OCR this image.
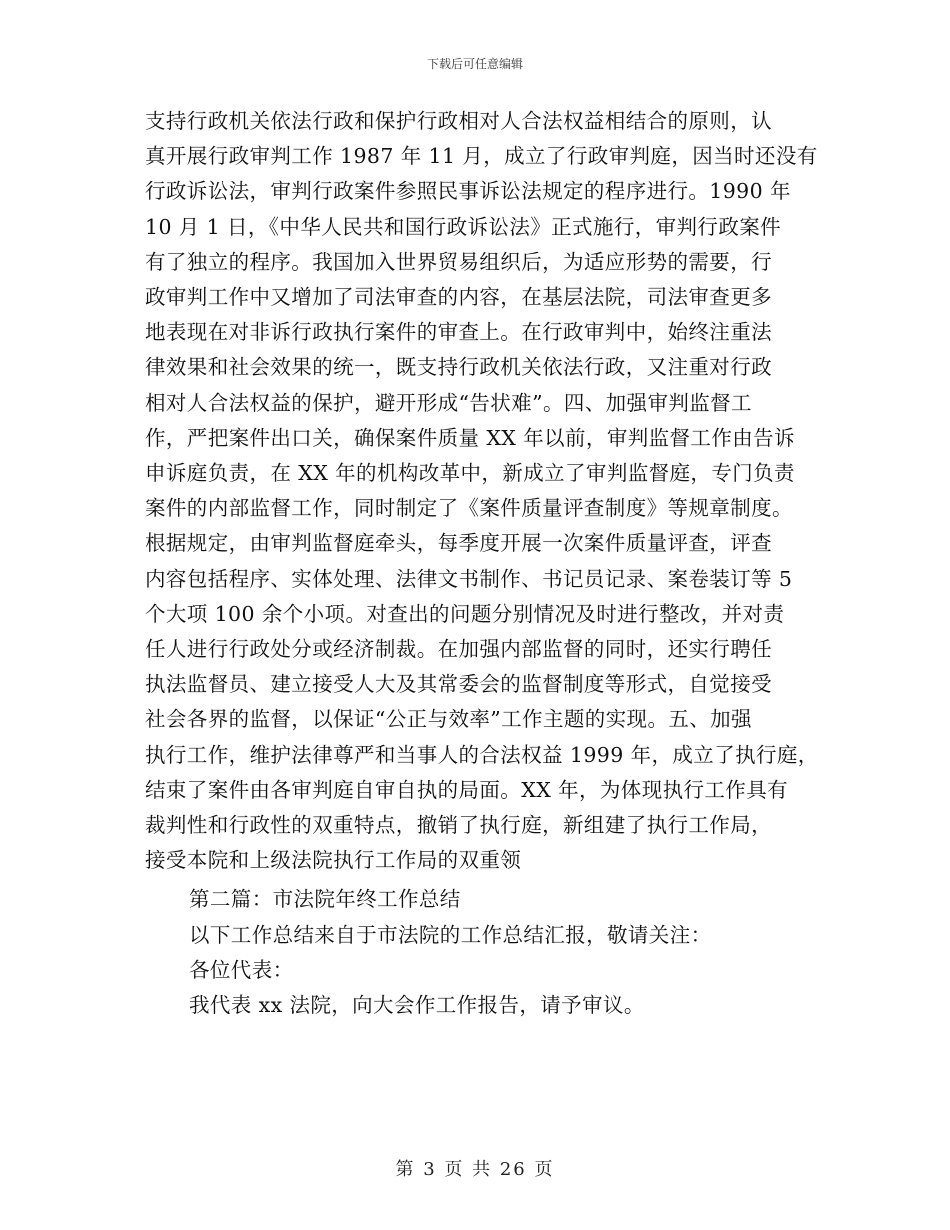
下载后可任意编辑

支持行政机关依法行政和保护行政相对人合法权益相结合的原则，认
真开展行政审判工作 1987 年 11 月，成立了行政审判庭，因当时还没有
行政诉讼法，审判行政案件参照民事诉讼法规定的程序进行。1990 年
10 月 1 日，《中华人民共和国行政诉讼法》正式施行，审判行政案件
有了独立的程序。我国加入世界贸易组织后，为适应形势的需要，行
政审判工作中又增加了司法审查的内容，在基层法院，司法审查更多
地表现在对非诉行政执行案件的审查上。在行政审判中，始终注重法
律效果和社会效果的统一，既支持行政机关依法行政，又注重对行政
相对人合法权益的保护，避开形成“告状难”。四、加强审判监督工
作，严把案件出口关，确保案件质量 XX 年以前，审判监督工作由告诉
申诉庭负责，在 XX 年的机构改革中，新成立了审判监督庭，专门负责
案件的内部监督工作，同时制定了《案件质量评查制度》等规章制度。
根据规定，由审判监督庭牵头，每季度开展一次案件质量评查，评查
内容包括程序、实体处理、法律文书制作、书记员记录、案卷装订等 5
个大项 100 余个小项。对查出的问题分别情况及时进行整改，并对责
任人进行行政处分或经济制裁。在加强内部监督的同时，还实行聘任
执法监督员、建立接受人大及其常委会的监督制度等形式，自觉接受
社会各界的监督，以保证“公正与效率”工作主题的实现。五、加强
执行工作，维护法律尊严和当事人的合法权益 1999 年，成立了执行庭，
结束了案件由各审判庭自审自执的局面。XX 年，为体现执行工作具有
裁判性和行政性的双重特点，撤销了执行庭，新组建了执行工作局，
接受本院和上级法院执行工作局的双重领

第二篇：市法院年终工作总结

以下工作总结来自于市法院的工作总结汇报，敬请关注：

各位代表：

我代表 xx 法院，向大会作工作报告，请予审议。

第 3 页 共 26 页
